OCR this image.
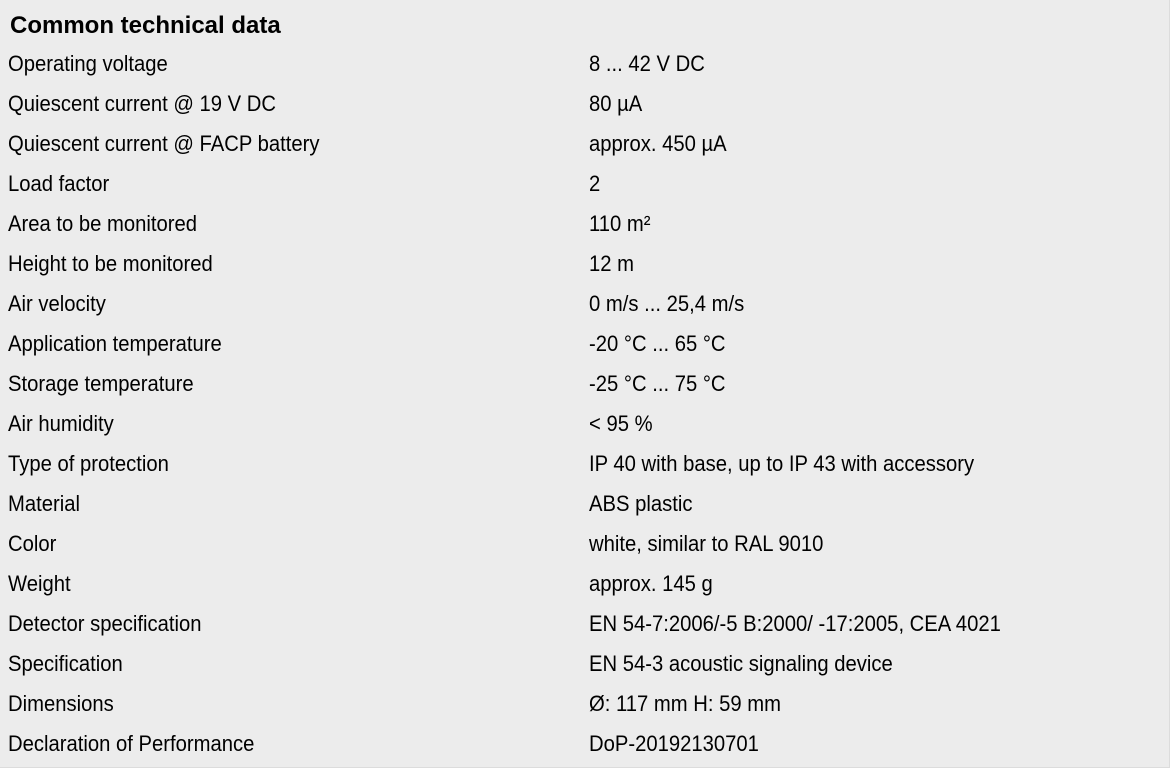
Common technical data
Operating voltage	8 ... 42 V DC
Quiescent current @ 19 V DC	80 µA
Quiescent current @ FACP battery	approx. 450 µA
Load factor	2
Area to be monitored	110 m²
Height to be monitored	12 m
Air velocity	0 m/s ... 25,4 m/s
Application temperature	-20 °C ... 65 °C
Storage temperature	-25 °C ... 75 °C
Air humidity	< 95 %
Type of protection	IP 40 with base, up to IP 43 with accessory
Material	ABS plastic
Color	white, similar to RAL 9010
Weight	approx. 145 g
Detector specification	EN 54-7:2006/-5 B:2000/ -17:2005, CEA 4021
Specification	EN 54-3 acoustic signaling device
Dimensions	Ø: 117 mm H: 59 mm
Declaration of Performance	DoP-20192130701
